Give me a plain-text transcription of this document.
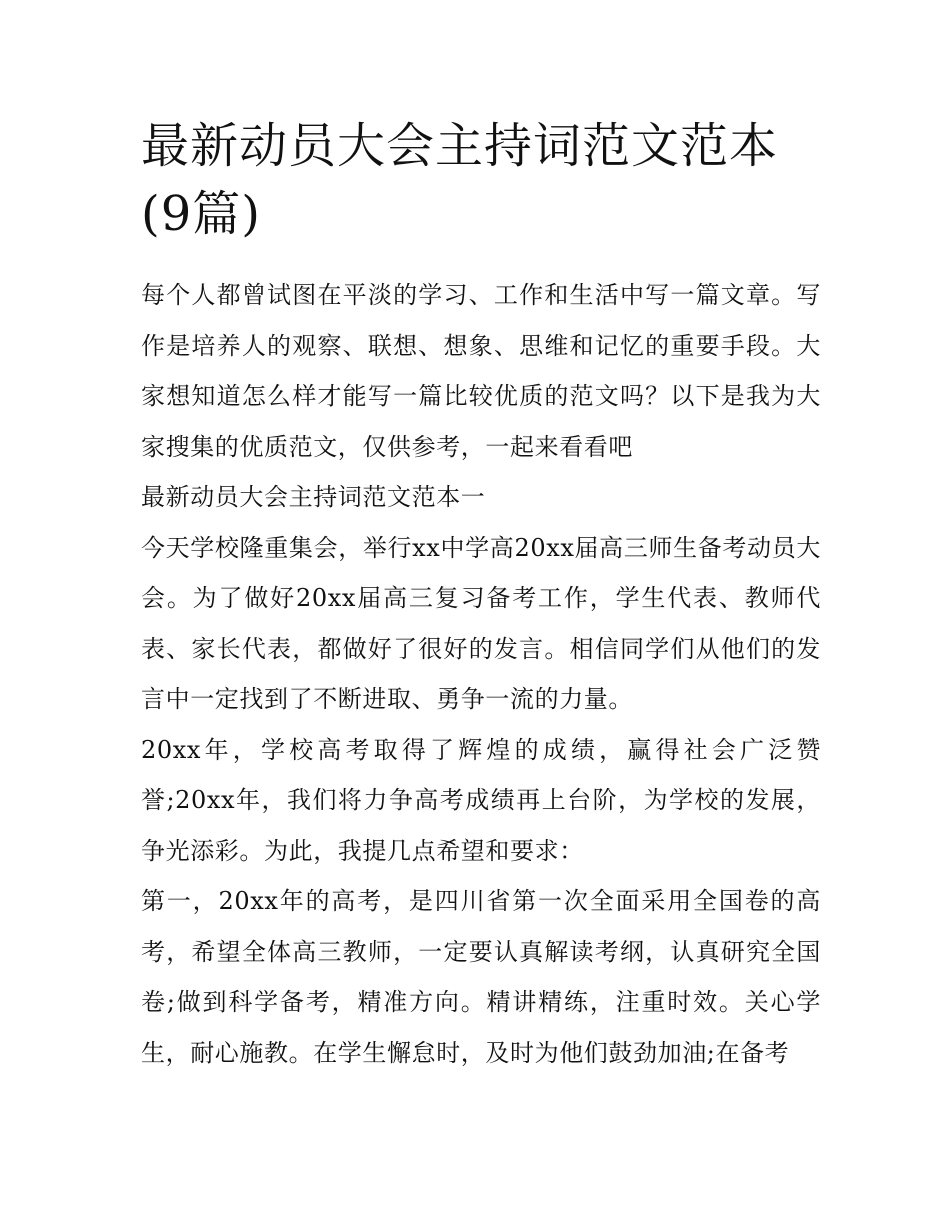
最新动员大会主持词范文范本(9篇)

每个人都曾试图在平淡的学习、工作和生活中写一篇文章。写作是培养人的观察、联想、想象、思维和记忆的重要手段。大家想知道怎么样才能写一篇比较优质的范文吗？以下是我为大家搜集的优质范文，仅供参考，一起来看看吧

最新动员大会主持词范文范本一

今天学校隆重集会，举行xx中学高20xx届高三师生备考动员大会。为了做好20xx届高三复习备考工作，学生代表、教师代表、家长代表，都做好了很好的发言。相信同学们从他们的发言中一定找到了不断进取、勇争一流的力量。

20xx年，学校高考取得了辉煌的成绩，赢得社会广泛赞誉;20xx年，我们将力争高考成绩再上台阶，为学校的发展，争光添彩。为此，我提几点希望和要求：

第一，20xx年的高考，是四川省第一次全面采用全国卷的高考，希望全体高三教师，一定要认真解读考纲，认真研究全国卷;做到科学备考，精准方向。精讲精练，注重时效。关心学生，耐心施教。在学生懈怠时，及时为他们鼓劲加油;在备考
